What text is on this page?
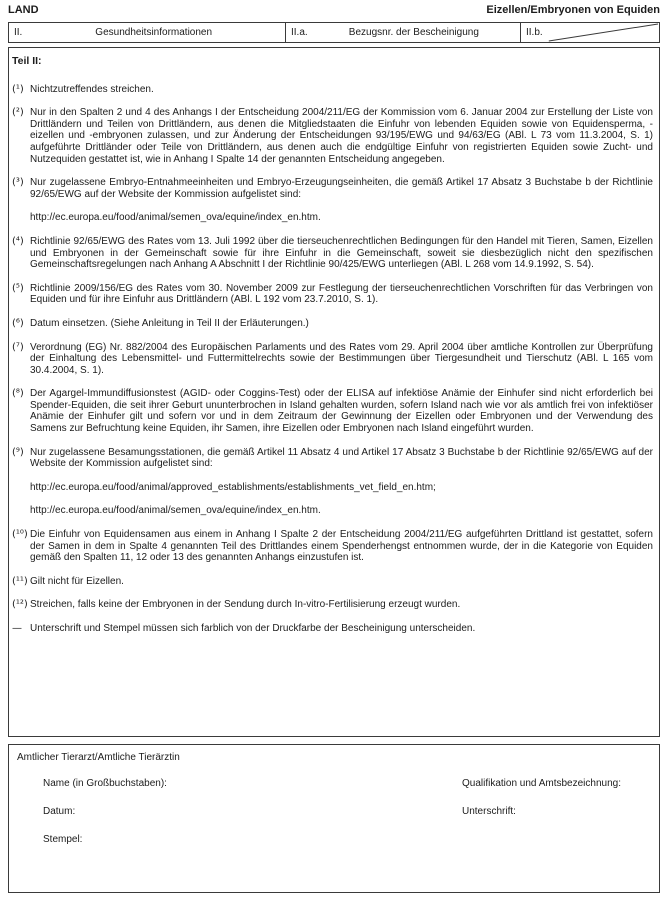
LAND	Eizellen/Embryonen von Equiden
II.	Gesundheitsinformationen	II.a.	Bezugsnr. der Bescheinigung	II.b.
Teil II:
(¹) Nichtzutreffendes streichen.
(²) Nur in den Spalten 2 und 4 des Anhangs I der Entscheidung 2004/211/EG der Kommission vom 6. Januar 2004 zur Erstellung der Liste von Drittländern und Teilen von Drittländern, aus denen die Mitgliedstaaten die Einfuhr von lebenden Equiden sowie von Equidensperma, -eizellen und -embryonen zulassen, und zur Änderung der Entscheidungen 93/195/EWG und 94/63/EG (ABl. L 73 vom 11.3.2004, S. 1) aufgeführte Drittländer oder Teile von Drittländern, aus denen auch die endgültige Einfuhr von registrierten Equiden sowie Zucht- und Nutzequiden gestattet ist, wie in Anhang I Spalte 14 der genannten Entscheidung angegeben.
(³) Nur zugelassene Embryo-Entnahmeeinheiten und Embryo-Erzeugungseinheiten, die gemäß Artikel 17 Absatz 3 Buchstabe b der Richtlinie 92/65/EWG auf der Website der Kommission aufgelistet sind:
http://ec.europa.eu/food/animal/semen_ova/equine/index_en.htm.
(⁴) Richtlinie 92/65/EWG des Rates vom 13. Juli 1992 über die tierseuchenrechtlichen Bedingungen für den Handel mit Tieren, Samen, Eizellen und Embryonen in der Gemeinschaft sowie für ihre Einfuhr in die Gemeinschaft, soweit sie diesbezüglich nicht den spezifischen Gemeinschaftsregelungen nach Anhang A Abschnitt I der Richtlinie 90/425/EWG unterliegen (ABl. L 268 vom 14.9.1992, S. 54).
(⁵) Richtlinie 2009/156/EG des Rates vom 30. November 2009 zur Festlegung der tierseuchenrechtlichen Vorschriften für das Verbringen von Equiden und für ihre Einfuhr aus Drittländern (ABl. L 192 vom 23.7.2010, S. 1).
(⁶) Datum einsetzen. (Siehe Anleitung in Teil II der Erläuterungen.)
(⁷) Verordnung (EG) Nr. 882/2004 des Europäischen Parlaments und des Rates vom 29. April 2004 über amtliche Kontrollen zur Überprüfung der Einhaltung des Lebensmittel- und Futtermittelrechts sowie der Bestimmungen über Tiergesundheit und Tierschutz (ABl. L 165 vom 30.4.2004, S. 1).
(⁸) Der Agargel-Immundiffusionstest (AGID- oder Coggins-Test) oder der ELISA auf infektiöse Anämie der Einhufer sind nicht erforderlich bei Spender-Equiden, die seit ihrer Geburt ununterbrochen in Island gehalten wurden, sofern Island nach wie vor als amtlich frei von infektiöser Anämie der Einhufer gilt und sofern vor und in dem Zeitraum der Gewinnung der Eizellen oder Embryonen und der Verwendung des Samens zur Befruchtung keine Equiden, ihr Samen, ihre Eizellen oder Embryonen nach Island eingeführt wurden.
(⁹) Nur zugelassene Besamungsstationen, die gemäß Artikel 11 Absatz 4 und Artikel 17 Absatz 3 Buchstabe b der Richtlinie 92/65/EWG auf der Website der Kommission aufgelistet sind:
http://ec.europa.eu/food/animal/approved_establishments/establishments_vet_field_en.htm;
http://ec.europa.eu/food/animal/semen_ova/equine/index_en.htm.
(¹⁰) Die Einfuhr von Equidensamen aus einem in Anhang I Spalte 2 der Entscheidung 2004/211/EG aufgeführten Drittland ist gestattet, sofern der Samen in dem in Spalte 4 genannten Teil des Drittlandes einem Spenderhengst entnommen wurde, der in die Kategorie von Equiden gemäß den Spalten 11, 12 oder 13 des genannten Anhangs einzustufen ist.
(¹¹) Gilt nicht für Eizellen.
(¹²) Streichen, falls keine der Embryonen in der Sendung durch In-vitro-Fertilisierung erzeugt wurden.
— Unterschrift und Stempel müssen sich farblich von der Druckfarbe der Bescheinigung unterscheiden.
Amtlicher Tierarzt/Amtliche Tierärztin
Name (in Großbuchstaben):	Qualifikation und Amtsbezeichnung:
Datum:	Unterschrift:
Stempel:
